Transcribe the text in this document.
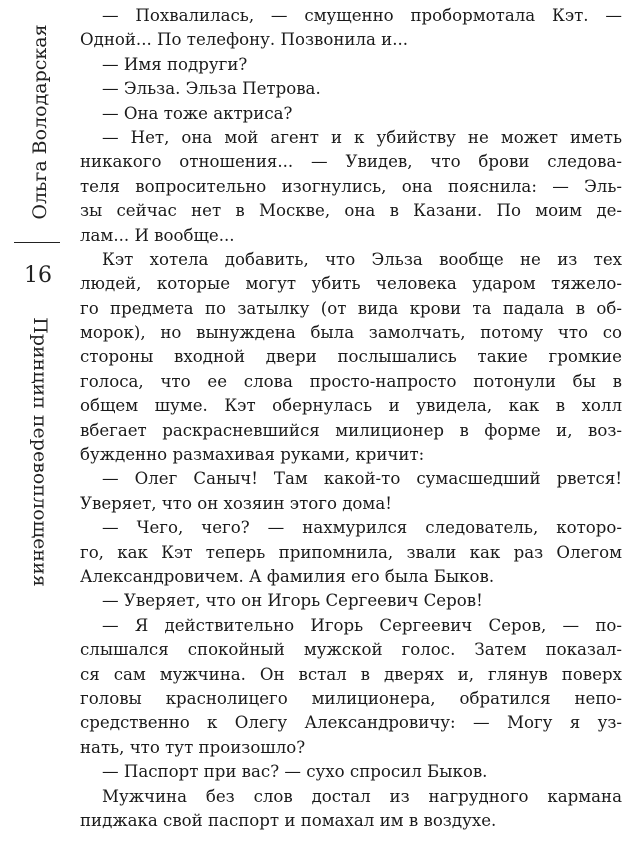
Ольга Володарская
16
Принцип перевоплощения
— Похвалилась, — смущенно пробормотала Кэт. —
Одной... По телефону. Позвонила и...
— Имя подруги?
— Эльза. Эльза Петрова.
— Она тоже актриса?
— Нет, она мой агент и к убийству не может иметь
никакого отношения... — Увидев, что брови следова-
теля вопросительно изогнулись, она пояснила: — Эль-
зы сейчас нет в Москве, она в Казани. По моим де-
лам... И вообще...
Кэт хотела добавить, что Эльза вообще не из тех
людей, которые могут убить человека ударом тяжело-
го предмета по затылку (от вида крови та падала в об-
морок), но вынуждена была замолчать, потому что со
стороны входной двери послышались такие громкие
голоса, что ее слова просто-напросто потонули бы в
общем шуме. Кэт обернулась и увидела, как в холл
вбегает раскрасневшийся милиционер в форме и, воз-
бужденно размахивая руками, кричит:
— Олег Саныч! Там какой-то сумасшедший рвется!
Уверяет, что он хозяин этого дома!
— Чего, чего? — нахмурился следователь, которо-
го, как Кэт теперь припомнила, звали как раз Олегом
Александровичем. А фамилия его была Быков.
— Уверяет, что он Игорь Сергеевич Серов!
— Я действительно Игорь Сергеевич Серов, — по-
слышался спокойный мужской голос. Затем показал-
ся сам мужчина. Он встал в дверях и, глянув поверх
головы краснолицего милиционера, обратился непо-
средственно к Олегу Александровичу: — Могу я уз-
нать, что тут произошло?
— Паспорт при вас? — сухо спросил Быков.
Мужчина без слов достал из нагрудного кармана
пиджака свой паспорт и помахал им в воздухе.
